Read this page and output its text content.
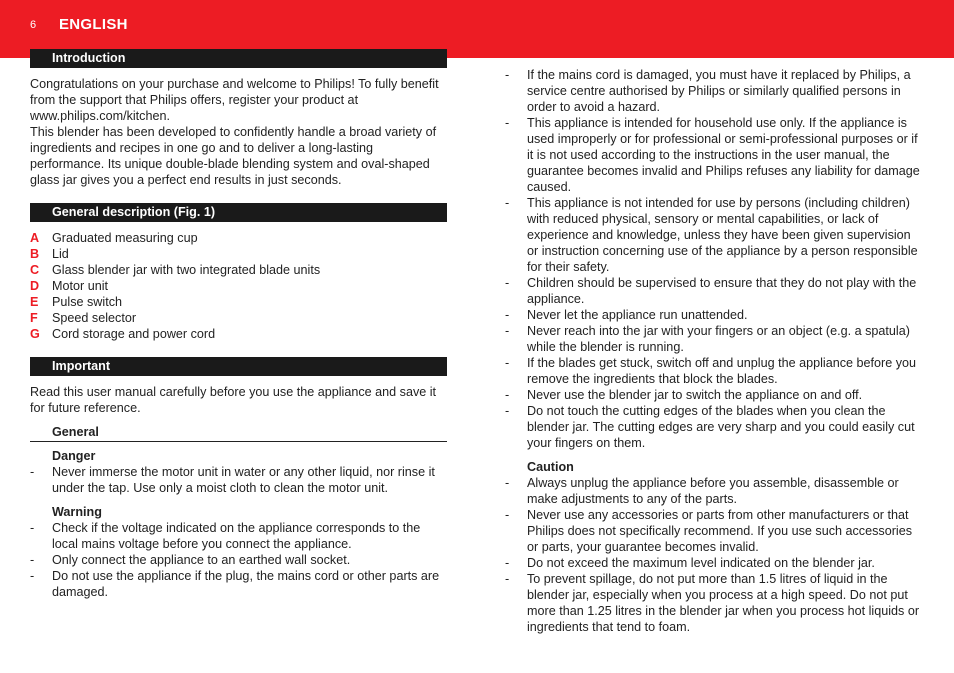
6 ENGLISH
Introduction

Congratulations on your purchase and welcome to Philips! To fully benefit from the support that Philips offers, register your product at www.philips.com/kitchen.

This blender has been developed to confidently handle a broad variety of ingredients and recipes in one go and to deliver a long-lasting performance. Its unique double-blade blending system and oval-shaped glass jar gives you a perfect end results in just seconds.

General description (Fig. 1)
A Graduated measuring cup
B Lid
C Glass blender jar with two integrated blade units
D Motor unit
E Pulse switch
F Speed selector
G Cord storage and power cord
Important

Read this user manual carefully before you use the appliance and save it for future reference.

General
Danger
- Never immerse the motor unit in water or any other liquid, nor rinse it under the tap. Use only a moist cloth to clean the motor unit.
Warning
- Check if the voltage indicated on the appliance corresponds to the local mains voltage before you connect the appliance.
- Only connect the appliance to an earthed wall socket.
- Do not use the appliance if the plug, the mains cord or other parts are damaged.
- If the mains cord is damaged, you must have it replaced by Philips, a service centre authorised by Philips or similarly qualified persons in order to avoid a hazard.
- This appliance is intended for household use only. If the appliance is used improperly or for professional or semi-professional purposes or if it is not used according to the instructions in the user manual, the guarantee becomes invalid and Philips refuses any liability for damage caused.
- This appliance is not intended for use by persons (including children) with reduced physical, sensory or mental capabilities, or lack of experience and knowledge, unless they have been given supervision or instruction concerning use of the appliance by a person responsible for their safety.
- Children should be supervised to ensure that they do not play with the appliance.
- Never let the appliance run unattended.
- Never reach into the jar with your fingers or an object (e.g. a spatula) while the blender is running.
- If the blades get stuck, switch off and unplug the appliance before you remove the ingredients that block the blades.
- Never use the blender jar to switch the appliance on and off.
- Do not touch the cutting edges of the blades when you clean the blender jar. The cutting edges are very sharp and you could easily cut your fingers on them.
Caution
- Always unplug the appliance before you assemble, disassemble or make adjustments to any of the parts.
- Never use any accessories or parts from other manufacturers or that Philips does not specifically recommend. If you use such accessories or parts, your guarantee becomes invalid.
- Do not exceed the maximum level indicated on the blender jar.
- To prevent spillage, do not put more than 1.5 litres of liquid in the blender jar, especially when you process at a high speed. Do not put more than 1.25 litres in the blender jar when you process hot liquids or ingredients that tend to foam.
